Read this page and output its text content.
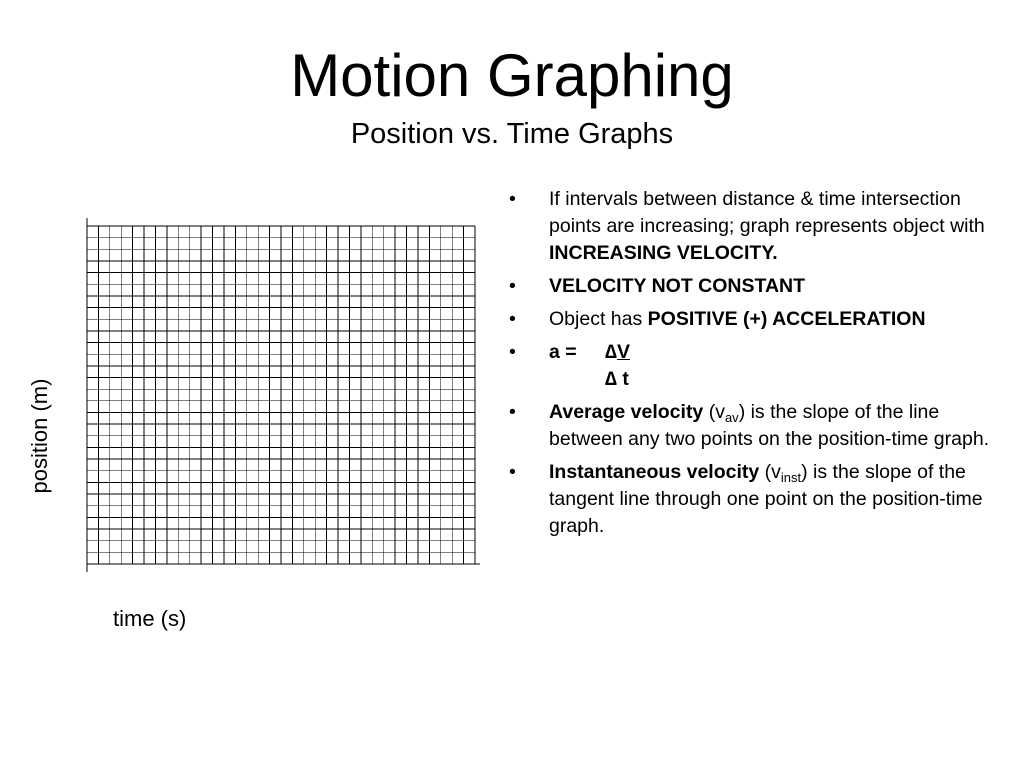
Motion Graphing
Position vs. Time Graphs
position (m)
time (s)
• If intervals between distance & time intersection points are increasing; graph represents object with INCREASING VELOCITY.
• VELOCITY NOT CONSTANT
• Object has POSITIVE (+) ACCELERATION
• a = ∆V
∆ t
• Average velocity $(v_{av})$ is the slope of the line between any two points on the position-time graph.
• Instantaneous velocity $(v_{inst})$ is the slope of the tangent line through one point on the position-time graph.
